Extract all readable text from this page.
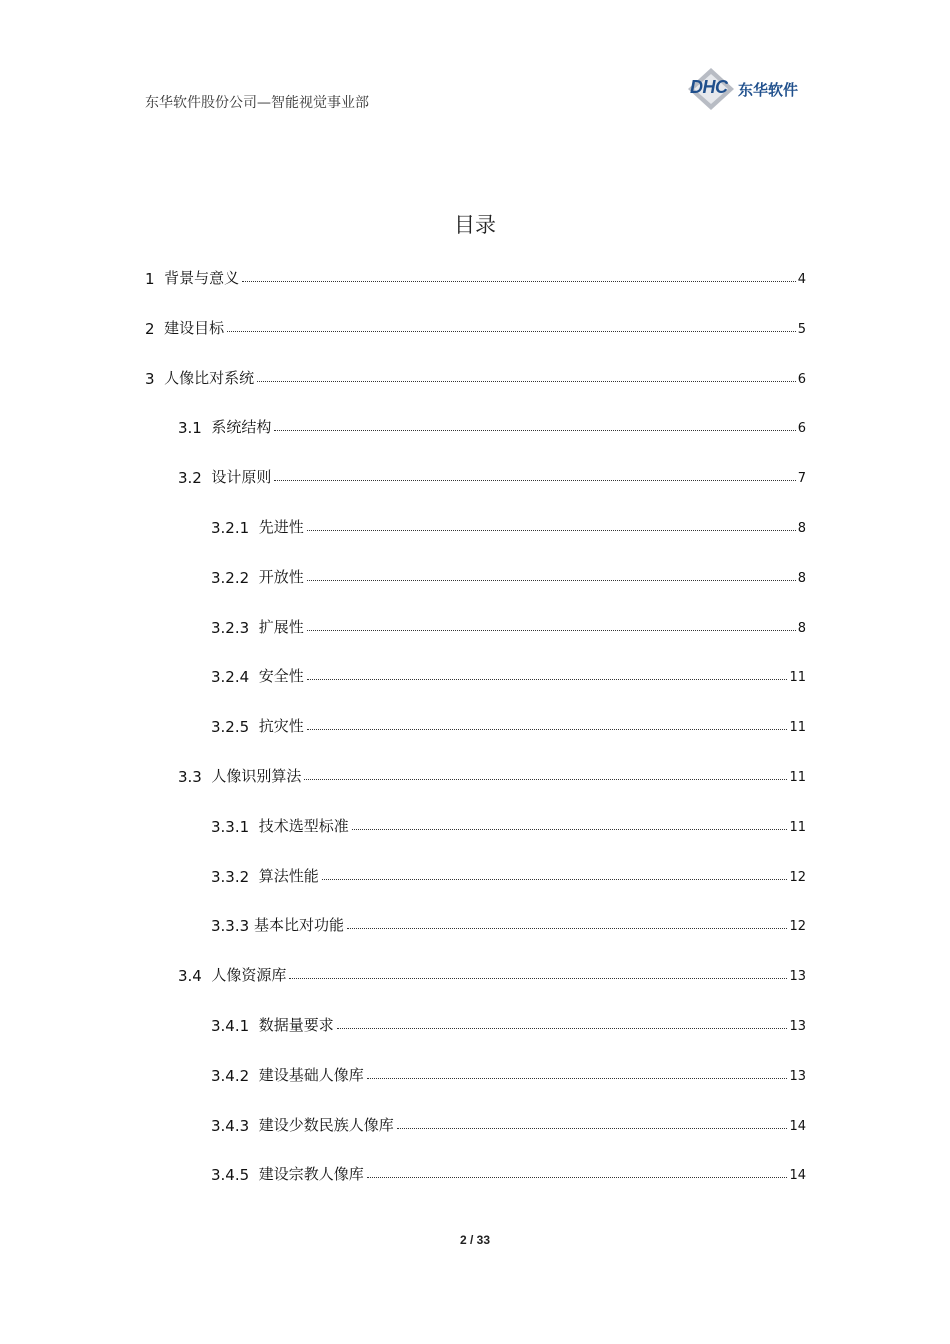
东华软件股份公司—智能视觉事业部
DHC 东华软件
目录
1 背景与意义	4
2 建设目标	5
3 人像比对系统	6
3.1 系统结构	6
3.2 设计原则	7
3.2.1 先进性	8
3.2.2 开放性	8
3.2.3 扩展性	8
3.2.4 安全性	11
3.2.5 抗灾性	11
3.3 人像识别算法	11
3.3.1 技术选型标准	11
3.3.2 算法性能	12
3.3.3 基本比对功能	12
3.4 人像资源库	13
3.4.1 数据量要求	13
3.4.2 建设基础人像库	13
3.4.3 建设少数民族人像库	14
3.4.5 建设宗教人像库	14
2 / 33
